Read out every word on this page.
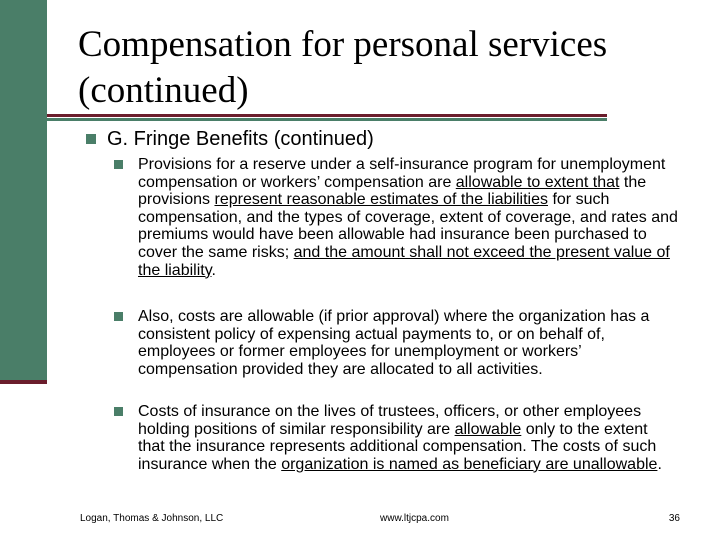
Compensation for personal services
(continued)
G. Fringe Benefits (continued)
Provisions for a reserve under a self-insurance program for unemployment compensation or workers’ compensation are allowable to extent that the provisions represent reasonable estimates of the liabilities for such compensation, and the types of coverage, extent of coverage, and rates and premiums would have been allowable had insurance been purchased to cover the same risks; and the amount shall not exceed the present value of the liability.
Also, costs are allowable (if prior approval) where the organization has a consistent policy of expensing actual payments to, or on behalf of, employees or former employees for unemployment or workers’ compensation provided they are allocated to all activities.
Costs of insurance on the lives of trustees, officers, or other employees holding positions of similar responsibility are allowable only to the extent that the insurance represents additional compensation. The costs of such insurance when the organization is named as beneficiary are unallowable.
Logan, Thomas & Johnson, LLC	www.ltjcpa.com	36
